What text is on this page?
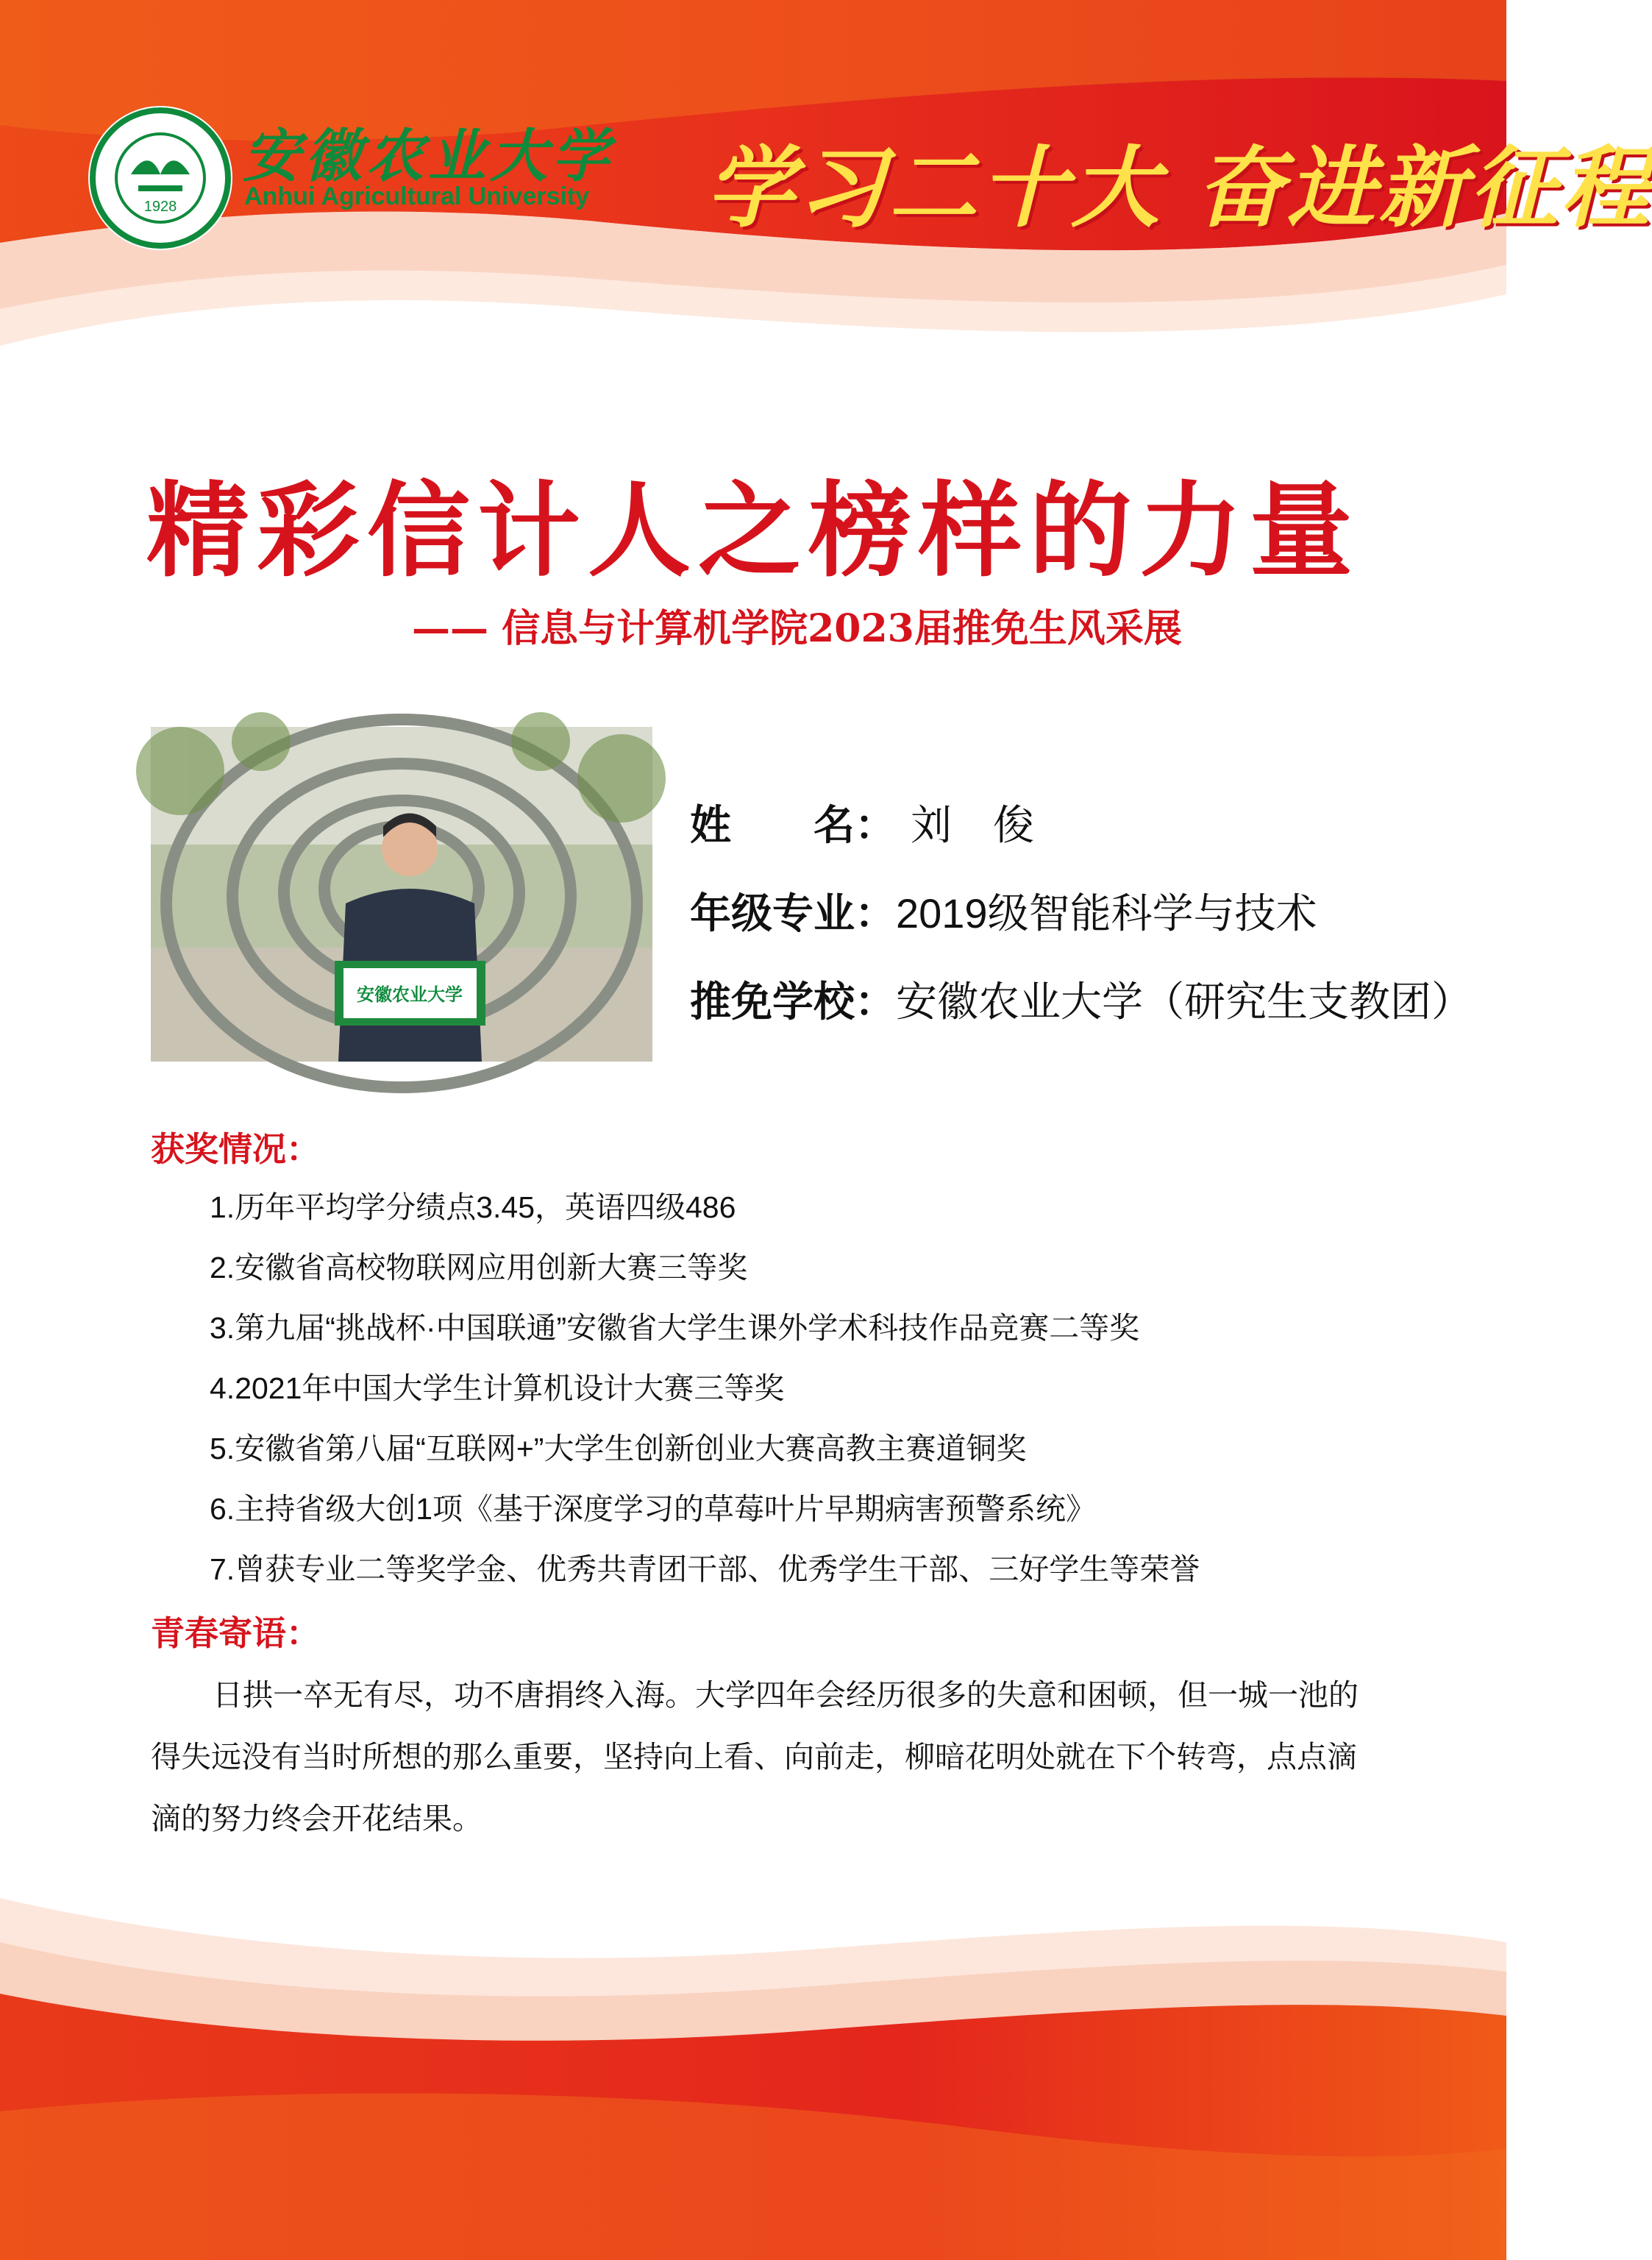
1928
安徽农业大学
Anhui Agricultural University 学习二十大 奋进新征程
精彩信计人之榜样的力量
—— 信息与计算机学院2023届推免生风采展
安徽农业大学
姓　　名： 刘　俊
年级专业：2019级智能科学与技术
推免学校：安徽农业大学（研究生支教团）
获奖情况：
1.历年平均学分绩点3.45，英语四级486
2.安徽省高校物联网应用创新大赛三等奖
3.第九届“挑战杯·中国联通”安徽省大学生课外学术科技作品竞赛二等奖
4.2021年中国大学生计算机设计大赛三等奖
5.安徽省第八届“互联网+”大学生创新创业大赛高教主赛道铜奖
6.主持省级大创1项《基于深度学习的草莓叶片早期病害预警系统》
7.曾获专业二等奖学金、优秀共青团干部、优秀学生干部、三好学生等荣誉
青春寄语：
日拱一卒无有尽，功不唐捐终入海。大学四年会经历很多的失意和困顿，但一城一池的得失远没有当时所想的那么重要，坚持向上看、向前走，柳暗花明处就在下个转弯，点点滴滴的努力终会开花结果。
